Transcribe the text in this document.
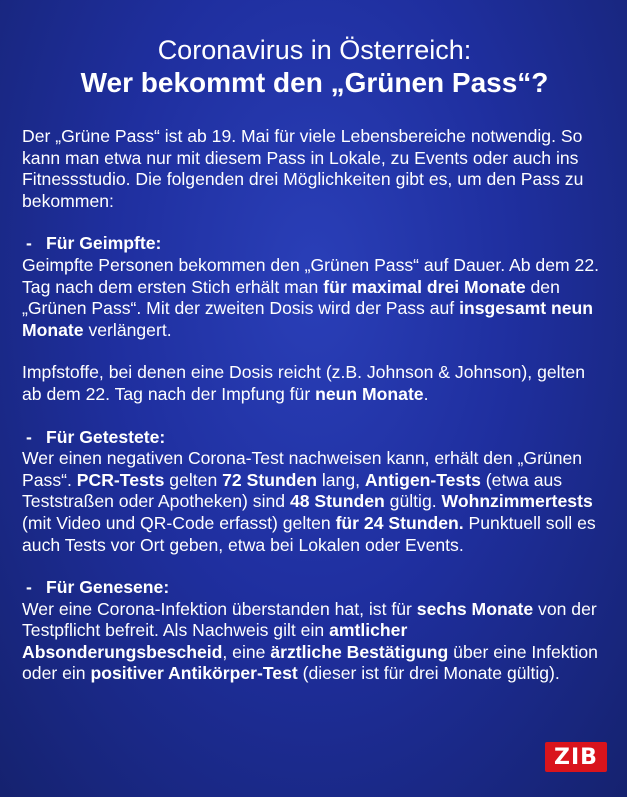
Coronavirus in Österreich:
Wer bekommt den „Grünen Pass“?

Der „Grüne Pass“ ist ab 19. Mai für viele Lebensbereiche notwendig. So kann man etwa nur mit diesem Pass in Lokale, zu Events oder auch ins Fitnessstudio. Die folgenden drei Möglichkeiten gibt es, um den Pass zu bekommen:

- Für Geimpfte:

Geimpfte Personen bekommen den „Grünen Pass“ auf Dauer. Ab dem 22. Tag nach dem ersten Stich erhält man für maximal drei Monate den „Grünen Pass“. Mit der zweiten Dosis wird der Pass auf insgesamt neun Monate verlängert.

Impfstoffe, bei denen eine Dosis reicht (z.B. Johnson & Johnson), gelten ab dem 22. Tag nach der Impfung für neun Monate.

- Für Getestete:

Wer einen negativen Corona-Test nachweisen kann, erhält den „Grünen Pass“. PCR-Tests gelten 72 Stunden lang, Antigen-Tests (etwa aus Teststraßen oder Apotheken) sind 48 Stunden gültig. Wohnzimmertests (mit Video und QR-Code erfasst) gelten für 24 Stunden. Punktuell soll es auch Tests vor Ort geben, etwa bei Lokalen oder Events.

- Für Genesene:

Wer eine Corona-Infektion überstanden hat, ist für sechs Monate von der Testpflicht befreit. Als Nachweis gilt ein amtlicher Absonderungsbescheid, eine ärztliche Bestätigung über eine Infektion oder ein positiver Antikörper-Test (dieser ist für drei Monate gültig).

ZIB
